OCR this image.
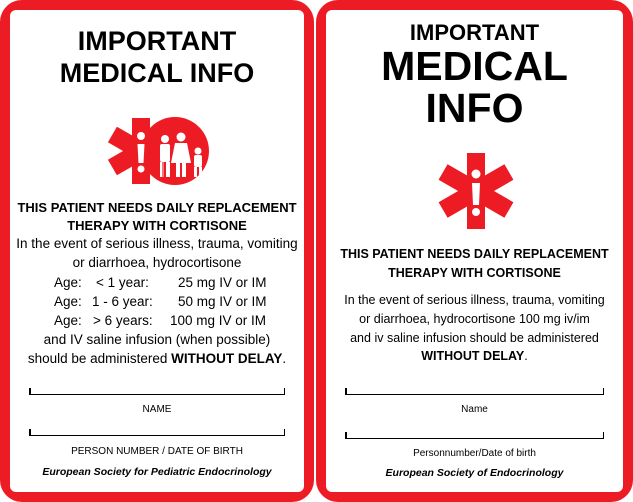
IMPORTANT
MEDICAL INFO
THIS PATIENT NEEDS DAILY REPLACEMENT
THERAPY WITH CORTISONE
In the event of serious illness, trauma, vomiting
or diarrhoea, hydrocortisone
Age: < 1 year: 25 mg IV or IM
Age: 1 - 6 year: 50 mg IV or IM
Age: > 6 years: 100 mg IV or IM
and IV saline infusion (when possible)
should be administered WITHOUT DELAY.
NAME
PERSON NUMBER / DATE OF BIRTH
European Society for Pediatric Endocrinology
IMPORTANT
MEDICAL
INFO
THIS PATIENT NEEDS DAILY REPLACEMENT
THERAPY WITH CORTISONE
In the event of serious illness, trauma, vomiting
or diarrhoea, hydrocortisone 100 mg iv/im
and iv saline infusion should be administered
WITHOUT DELAY.
Name
Personnumber/Date of birth
European Society of Endocrinology
